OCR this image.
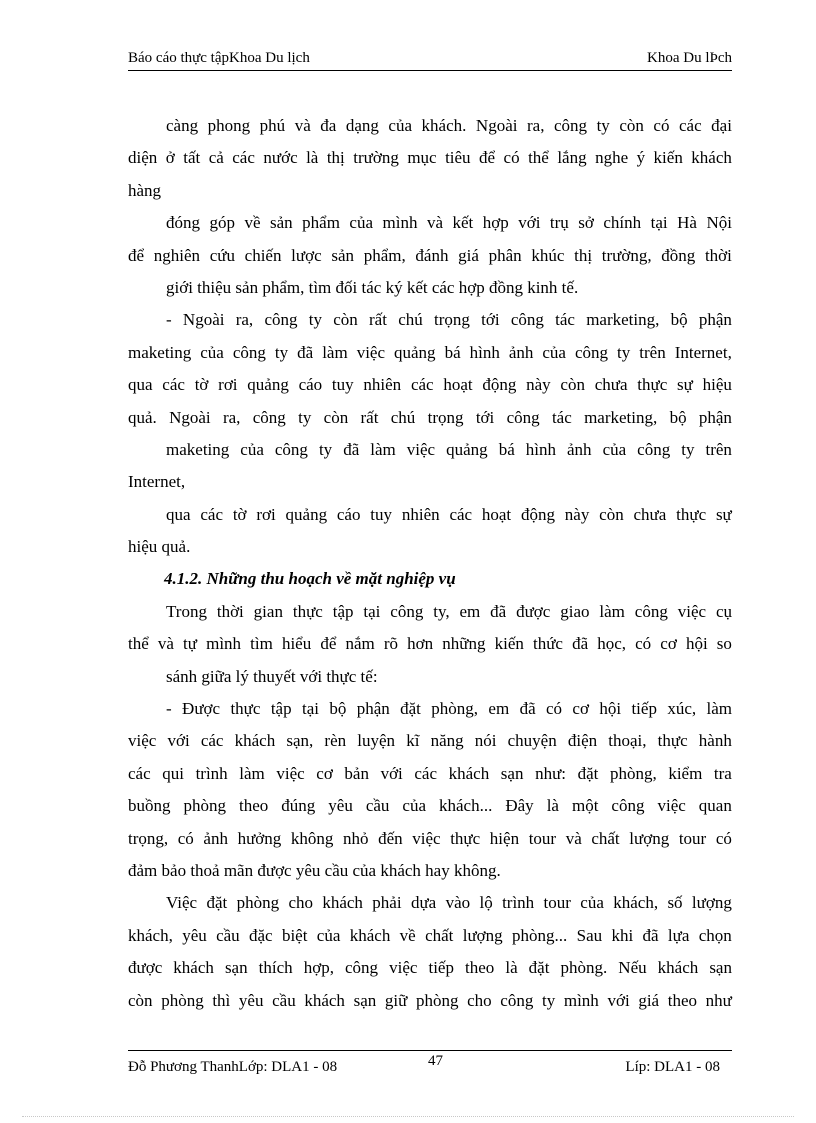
Báo cáo thực tậpKhoa Du lịch	Khoa Du lÞch
càng phong phú và đa dạng của khách. Ngoài ra, công ty còn có các đại
diện ở tất cả các nước là thị trường mục tiêu để có thể lắng nghe ý kiến khách
hàng
đóng góp về sản phẩm của mình và kết hợp với trụ sở chính tại Hà Nội
để nghiên cứu chiến lược sản phẩm, đánh giá phân khúc thị trường, đồng thời
giới thiệu sản phẩm, tìm đối tác ký kết các hợp đồng kinh tế.
- Ngoài ra, công ty còn rất chú trọng tới công tác marketing, bộ phận
maketing của công ty đã làm việc quảng bá hình ảnh của công ty trên Internet,
qua các tờ rơi quảng cáo tuy nhiên các hoạt động này còn chưa thực sự hiệu
quả. Ngoài ra, công ty còn rất chú trọng tới công tác marketing, bộ phận
maketing của công ty đã làm việc quảng bá hình ảnh của công ty trên
Internet,
qua các tờ rơi quảng cáo tuy nhiên các hoạt động này còn chưa thực sự
hiệu quả.
4.1.2. Những thu hoạch về mặt nghiệp vụ
Trong thời gian thực tập tại công ty, em đã được giao làm công việc cụ
thể và tự mình tìm hiểu để nắm rõ hơn những kiến thức đã học, có cơ hội so
sánh giữa lý thuyết với thực tế:
- Được thực tập tại bộ phận đặt phòng, em đã có cơ hội tiếp xúc, làm
việc với các khách sạn, rèn luyện kĩ năng nói chuyện điện thoại, thực hành
các qui trình làm việc cơ bản với các khách sạn như: đặt phòng, kiểm tra
buồng phòng theo đúng yêu cầu của khách... Đây là một công việc quan
trọng, có ảnh hưởng không nhỏ đến việc thực hiện tour và chất lượng tour có
đảm bảo thoả mãn được yêu cầu của khách hay không.
Việc đặt phòng cho khách phải dựa vào lộ trình tour của khách, số lượng
khách, yêu cầu đặc biệt của khách về chất lượng phòng... Sau khi đã lựa chọn
được khách sạn thích hợp, công việc tiếp theo là đặt phòng. Nếu khách sạn
còn phòng thì yêu cầu khách sạn giữ phòng cho công ty mình với giá theo như
Đỗ Phương ThanhLớp: DLA1 - 08	47	Líp: DLA1 - 08
